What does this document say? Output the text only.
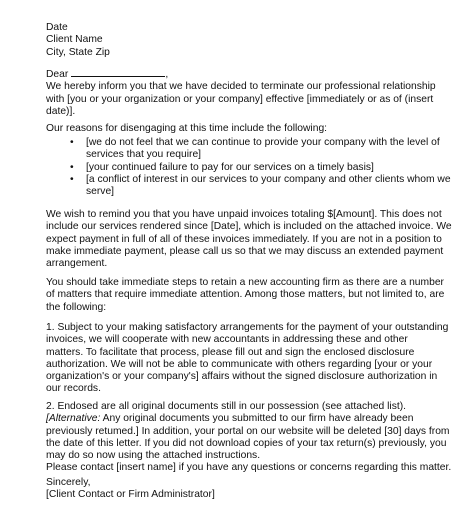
Date
Client Name
City, State Zip
Dear	,
We hereby inform you that we have decided to terminate our professional relationship
with [you or your organization or your company] effective [immediately or as of (insert
date)].
Our reasons for disengaging at this time include the following:
• [we do not feel that we can continue to provide your company with the level of
services that you require]
• [your continued failure to pay for our services on a timely basis]
• [a conflict of interest in our services to your company and other clients whom we
serve]
We wish to remind you that you have unpaid invoices totaling $[Amount]. This does not
include our services rendered since [Date], which is included on the attached invoice. We
expect payment in full of all of these invoices immediately. If you are not in a position to
make immediate payment, please call us so that we may discuss an extended payment
arrangement.
You should take immediate steps to retain a new accounting firm as there are a number
of matters that require immediate attention. Among those matters, but not limited to, are
the following:
1. Subject to your making satisfactory arrangements for the payment of your outstanding
invoices, we will cooperate with new accountants in addressing these and other
matters. To facilitate that process, please fill out and sign the enclosed disclosure
authorization. We will not be able to communicate with others regarding [your or your
organization's or your company's] affairs without the signed disclosure authorization in
our records.
2. Endosed are all original documents still in our possession (see attached list).
[Alternative: Any original documents you submitted to our firm have already been
previously retumed.] In addition, your portal on our website will be deleted [30] days from
the date of this letter. If you did not download copies of your tax return(s) previously, you
may do so now using the attached instructions.
Please contact [insert name] if you have any questions or concerns regarding this matter.
Sincerely,
[Client Contact or Firm Administrator]
